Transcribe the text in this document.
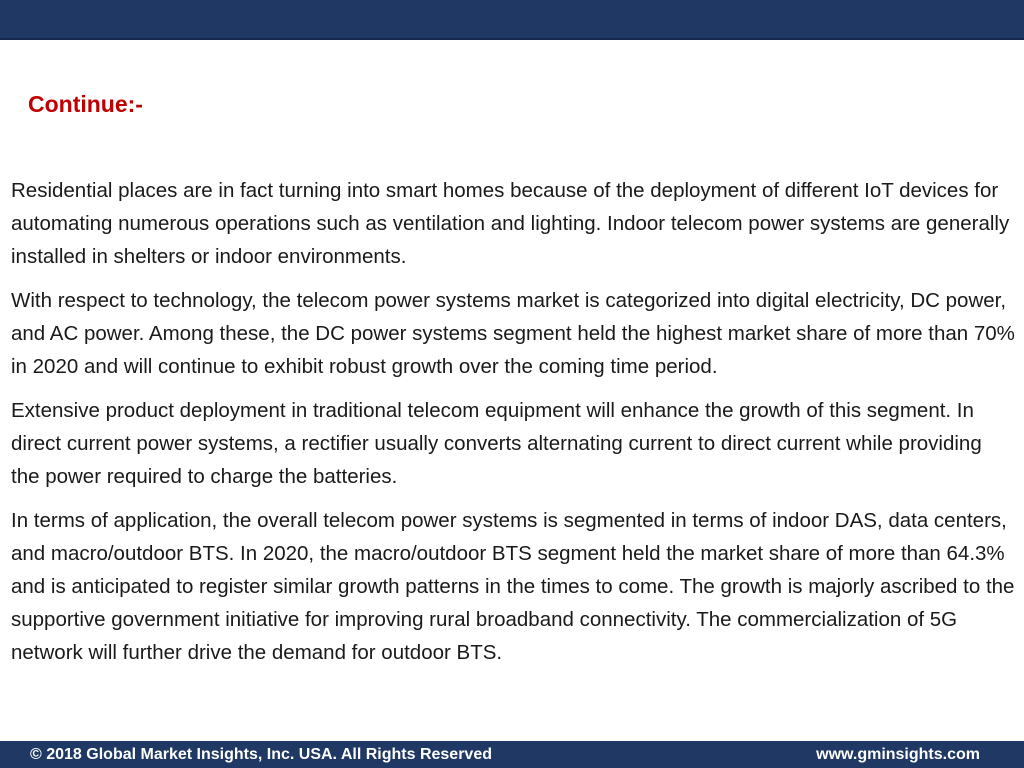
Continue:-

Residential places are in fact turning into smart homes because of the deployment of different IoT devices for automating numerous operations such as ventilation and lighting. Indoor telecom power systems are generally installed in shelters or indoor environments.

With respect to technology, the telecom power systems market is categorized into digital electricity, DC power, and AC power. Among these, the DC power systems segment held the highest market share of more than 70% in 2020 and will continue to exhibit robust growth over the coming time period.

Extensive product deployment in traditional telecom equipment will enhance the growth of this segment. In direct current power systems, a rectifier usually converts alternating current to direct current while providing the power required to charge the batteries.

In terms of application, the overall telecom power systems is segmented in terms of indoor DAS, data centers, and macro/outdoor BTS. In 2020, the macro/outdoor BTS segment held the market share of more than 64.3% and is anticipated to register similar growth patterns in the times to come. The growth is majorly ascribed to the supportive government initiative for improving rural broadband connectivity. The commercialization of 5G network will further drive the demand for outdoor BTS.

© 2018 Global Market Insights, Inc. USA. All Rights Reserved	www.gminsights.com
